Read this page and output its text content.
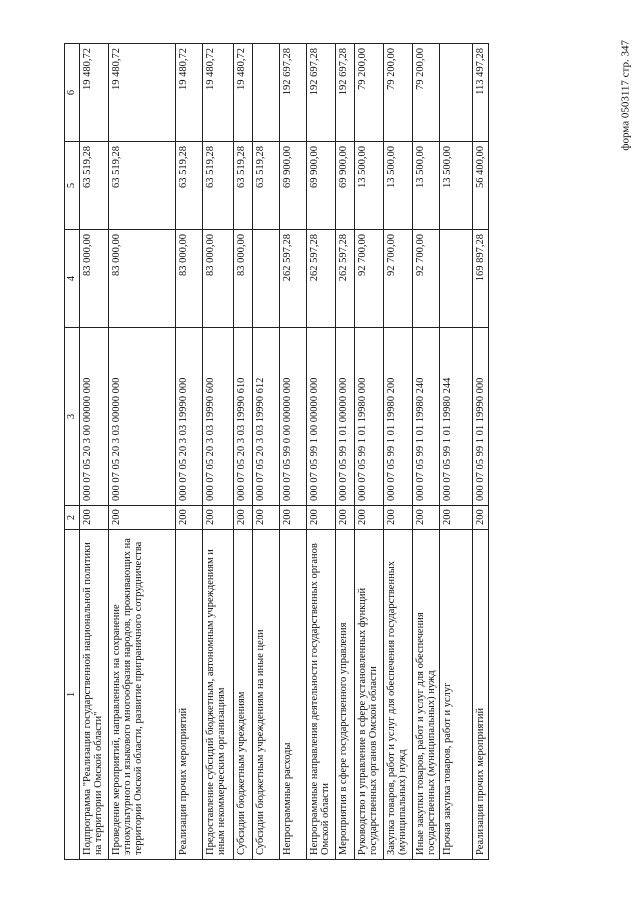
форма 0503117 стр. 347
1	2	3	4	5	6
Подпрограмма "Реализация государственной национальной политики на территории Омской области"	200	000 07 05 20 3 00 00000 000	83 000,00	63 519,28	19 480,72
Проведение мероприятий, направленных на сохранение этнокультурного и языкового многообразия народов, проживающих на территории Омской области, развитие приграничного сотрудничества	200	000 07 05 20 3 03 00000 000	83 000,00	63 519,28	19 480,72
Реализация прочих мероприятий	200	000 07 05 20 3 03 19990 000	83 000,00	63 519,28	19 480,72
Предоставление субсидий бюджетным, автономным учреждениям и иным некоммерческим организациям	200	000 07 05 20 3 03 19990 600	83 000,00	63 519,28	19 480,72
Субсидии бюджетным учреждениям	200	000 07 05 20 3 03 19990 610	83 000,00	63 519,28	19 480,72
Субсидии бюджетным учреждениям на иные цели	200	000 07 05 20 3 03 19990 612		63 519,28	
Непрограммные расходы	200	000 07 05 99 0 00 00000 000	262 597,28	69 900,00	192 697,28
Непрограммные направления деятельности государственных органов Омской области	200	000 07 05 99 1 00 00000 000	262 597,28	69 900,00	192 697,28
Мероприятия в сфере государственного управления	200	000 07 05 99 1 01 00000 000	262 597,28	69 900,00	192 697,28
Руководство и управление в сфере установленных функций государственных органов Омской области	200	000 07 05 99 1 01 19980 000	92 700,00	13 500,00	79 200,00
Закупка товаров, работ и услуг для обеспечения государственных (муниципальных) нужд	200	000 07 05 99 1 01 19980 200	92 700,00	13 500,00	79 200,00
Иные закупки товаров, работ и услуг для обеспечения государственных (муниципальных) нужд	200	000 07 05 99 1 01 19980 240	92 700,00	13 500,00	79 200,00
Прочая закупка товаров, работ и услуг	200	000 07 05 99 1 01 19980 244		13 500,00	
Реализация прочих мероприятий	200	000 07 05 99 1 01 19990 000	169 897,28	56 400,00	113 497,28
